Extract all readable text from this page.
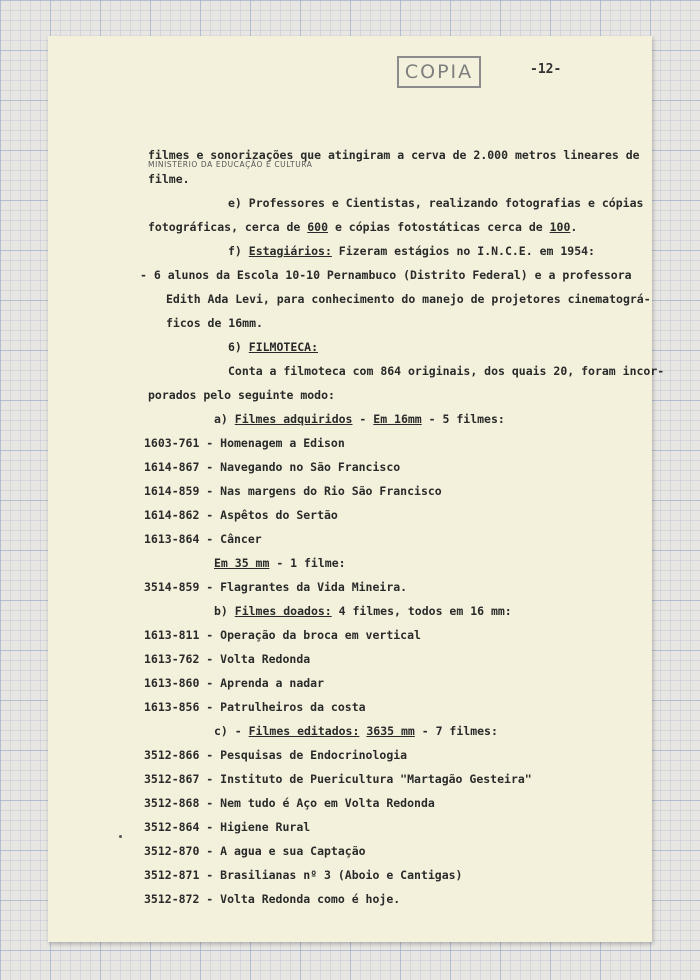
COPIA	-12-
MINISTÉRIO DA EDUCAÇÃO E CULTURA
filmes e sonorizações que atingiram a cerva de 2.000 metros lineares de
filme.
e) Professores e Cientistas, realizando fotografias e cópias
fotográficas, cerca de 600 e cópias fotostáticas cerca de 100.
f) Estagiários: Fizeram estágios no I.N.C.E. em 1954:
- 6 alunos da Escola 10-10 Pernambuco (Distrito Federal) e a professora
Edith Ada Levi, para conhecimento do manejo de projetores cinematográ-
ficos de 16mm.
6) FILMOTECA:
Conta a filmoteca com 864 originais, dos quais 20, foram incor-
porados pelo seguinte modo:
a) Filmes adquiridos - Em 16mm - 5 filmes:
1603-761 - Homenagem a Edison
1614-867 - Navegando no São Francisco
1614-859 - Nas margens do Rio São Francisco
1614-862 - Aspêtos do Sertão
1613-864 - Câncer
Em 35 mm - 1 filme:
3514-859 - Flagrantes da Vida Mineira.
b) Filmes doados: 4 filmes, todos em 16 mm:
1613-811 - Operação da broca em vertical
1613-762 - Volta Redonda
1613-860 - Aprenda a nadar
1613-856 - Patrulheiros da costa
c) - Filmes editados: 3635 mm - 7 filmes:
3512-866 - Pesquisas de Endocrinologia
3512-867 - Instituto de Puericultura "Martagão Gesteira"
3512-868 - Nem tudo é Aço em Volta Redonda
3512-864 - Higiene Rural
3512-870 - A agua e sua Captação
3512-871 - Brasilianas nº 3 (Aboio e Cantigas)
3512-872 - Volta Redonda como é hoje.
